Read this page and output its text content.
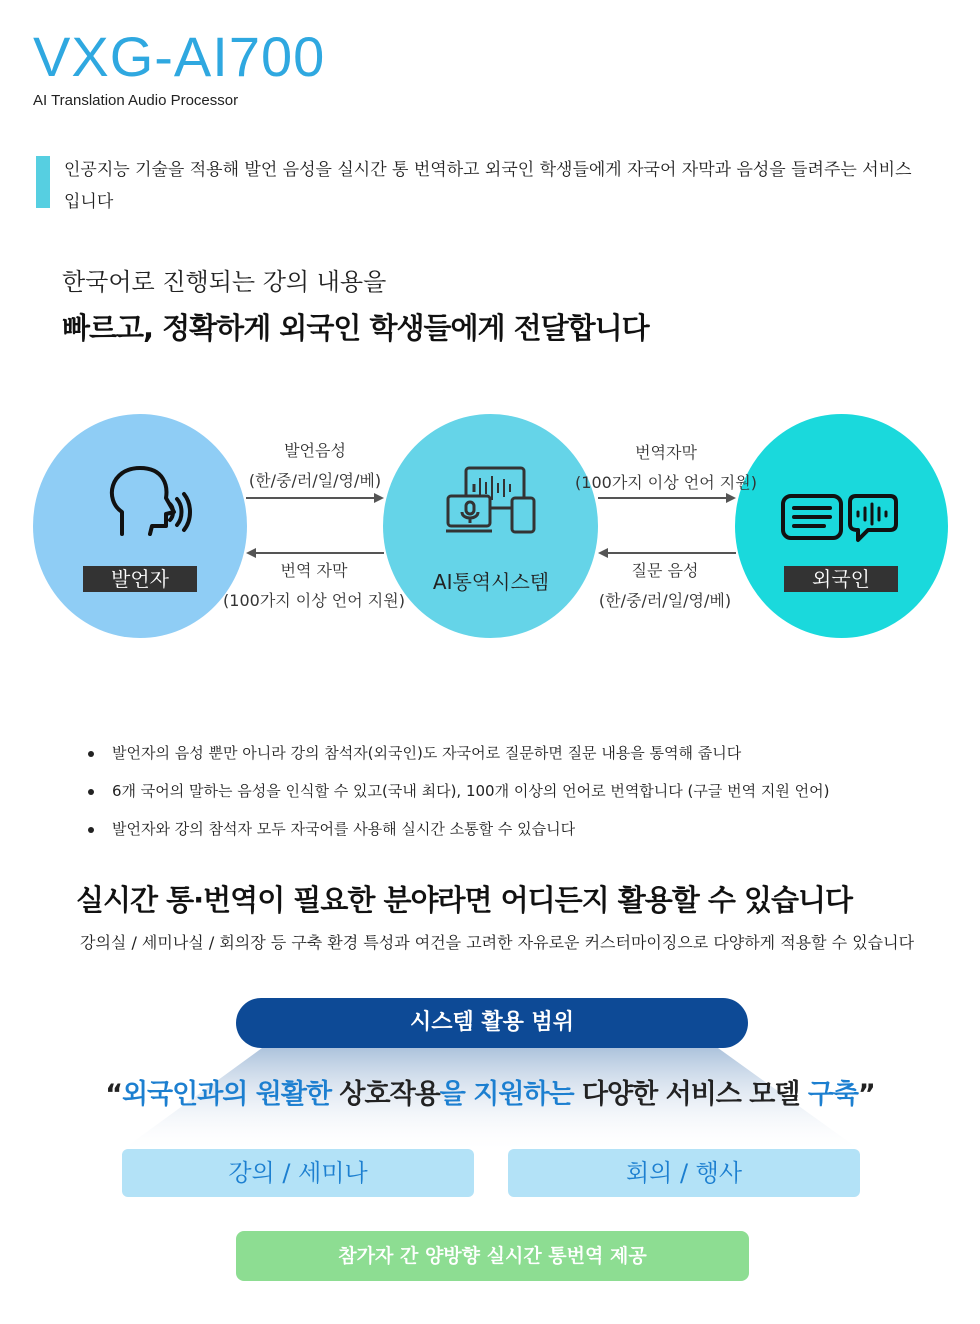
VXG-AI700
AI Translation Audio Processor
인공지능 기술을 적용해 발언 음성을 실시간 통 번역하고 외국인 학생들에게 자국어 자막과 음성을 들려주는 서비스입니다
한국어로 진행되는 강의 내용을
빠르고, 정확하게 외국인 학생들에게 전달합니다
발언자	AI통역시스템	외국인
발언음성
(한/중/러/일/영/베)
번역 자막
(100가지 이상 언어 지원)
번역자막
(100가지 이상 언어 지원)
질문 음성
(한/중/러/일/영/베)
발언자의 음성 뿐만 아니라 강의 참석자(외국인)도 자국어로 질문하면 질문 내용을 통역해 줍니다
6개 국어의 말하는 음성을 인식할 수 있고(국내 최다), 100개 이상의 언어로 번역합니다 (구글 번역 지원 언어)
발언자와 강의 참석자 모두 자국어를 사용해 실시간 소통할 수 있습니다
실시간 통·번역이 필요한 분야라면 어디든지 활용할 수 있습니다
강의실 / 세미나실 / 회의장 등 구축 환경 특성과 여건을 고려한 자유로운 커스터마이징으로 다양하게 적용할 수 있습니다
시스템 활용 범위
“외국인과의 원활한 상호작용을 지원하는 다양한 서비스 모델 구축”
강의 / 세미나	회의 / 행사
참가자 간 양방향 실시간 통번역 제공
